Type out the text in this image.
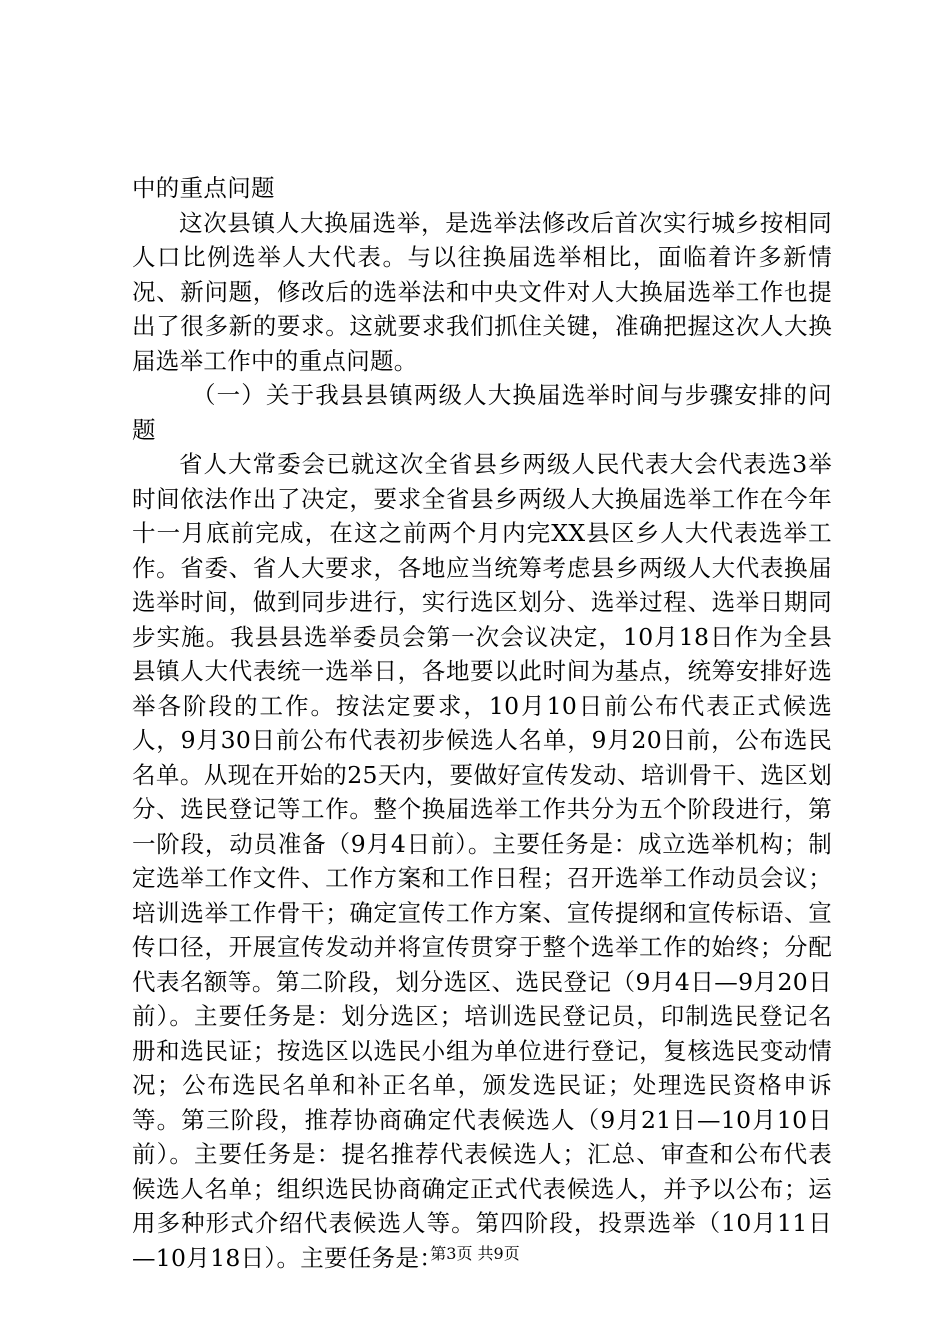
中的重点问题

这次县镇人大换届选举，是选举法修改后首次实行城乡按相同人口比例选举人大代表。与以往换届选举相比，面临着许多新情况、新问题，修改后的选举法和中央文件对人大换届选举工作也提出了很多新的要求。这就要求我们抓住关键，准确把握这次人大换届选举工作中的重点问题。

（一）关于我县县镇两级人大换届选举时间与步骤安排的问题

省人大常委会已就这次全省县乡两级人民代表大会代表选3举时间依法作出了决定，要求全省县乡两级人大换届选举工作在今年十一月底前完成，在这之前两个月内完XX县区乡人大代表选举工作。省委、省人大要求，各地应当统筹考虑县乡两级人大代表换届选举时间，做到同步进行，实行选区划分、选举过程、选举日期同步实施。我县县选举委员会第一次会议决定，10月18日作为全县县镇人大代表统一选举日，各地要以此时间为基点，统筹安排好选举各阶段的工作。按法定要求，10月10日前公布代表正式候选人，9月30日前公布代表初步候选人名单，9月20日前，公布选民名单。从现在开始的25天内，要做好宣传发动、培训骨干、选区划分、选民登记等工作。整个换届选举工作共分为五个阶段进行，第一阶段，动员准备（9月4日前）。主要任务是：成立选举机构；制定选举工作文件、工作方案和工作日程；召开选举工作动员会议；培训选举工作骨干；确定宣传工作方案、宣传提纲和宣传标语、宣传口径，开展宣传发动并将宣传贯穿于整个选举工作的始终；分配代表名额等。第二阶段，划分选区、选民登记（9月4日—9月20日前）。主要任务是：划分选区；培训选民登记员，印制选民登记名册和选民证；按选区以选民小组为单位进行登记，复核选民变动情况；公布选民名单和补正名单，颁发选民证；处理选民资格申诉等。第三阶段，推荐协商确定代表候选人（9月21日—10月10日前）。主要任务是：提名推荐代表候选人；汇总、审查和公布代表候选人名单；组织选民协商确定正式代表候选人，并予以公布；运用多种形式介绍代表候选人等。第四阶段，投票选举（10月11日—10月18日）。主要任务是：

第3页 共9页
